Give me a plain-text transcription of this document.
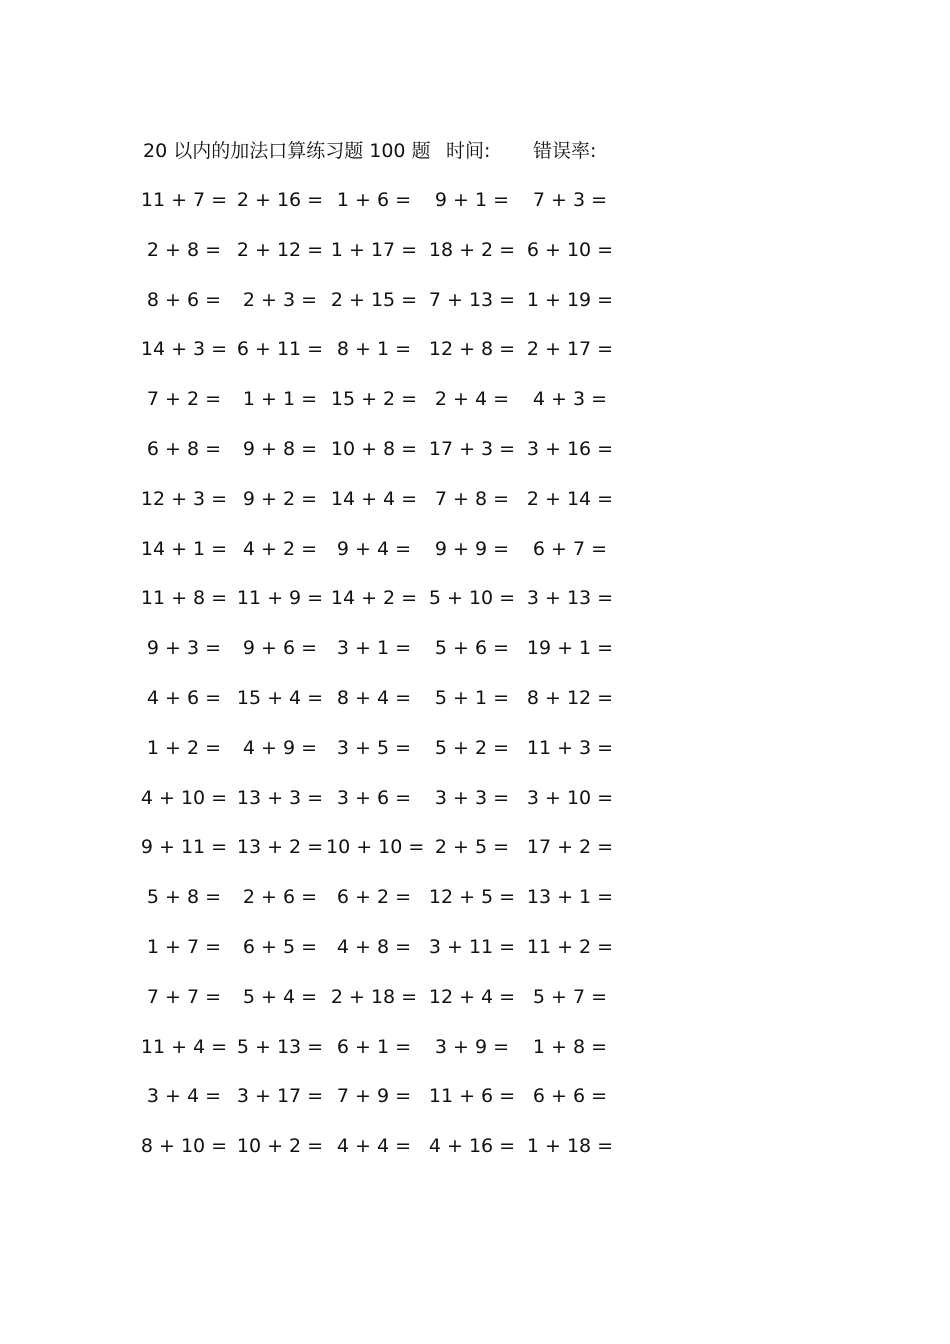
20 以内的加法口算练习题 100 题 时间: 错误率:
11 + 7 = 2 + 16 = 1 + 6 =	9 + 1 =	7 + 3 =
2 + 8 = 2 + 12 = 1 + 17 = 18 + 2 = 6 + 10 =
8 + 6 =	2 + 3 = 2 + 15 = 7 + 13 = 1 + 19 =
14 + 3 = 6 + 11 = 8 + 1 = 12 + 8 = 2 + 17 =
7 + 2 =	1 + 1 = 15 + 2 = 2 + 4 =	4 + 3 =
6 + 8 =	9 + 8 = 10 + 8 = 17 + 3 = 3 + 16 =
12 + 3 = 9 + 2 = 14 + 4 = 7 + 8 = 2 + 14 =
14 + 1 = 4 + 2 =	9 + 4 =	9 + 9 =	6 + 7 =
11 + 8 = 11 + 9 = 14 + 2 = 5 + 10 = 3 + 13 =
9 + 3 =	9 + 6 =	3 + 1 =	5 + 6 = 19 + 1 =
4 + 6 = 15 + 4 = 8 + 4 =	5 + 1 = 8 + 12 =
1 + 2 =	4 + 9 =	3 + 5 =	5 + 2 = 11 + 3 =
4 + 10 = 13 + 3 = 3 + 6 =	3 + 3 = 3 + 10 =
9 + 11 = 13 + 2 = 10 + 10 = 2 + 5 = 17 + 2 =
5 + 8 =	2 + 6 =	6 + 2 = 12 + 5 = 13 + 1 =
1 + 7 =	6 + 5 =	4 + 8 = 3 + 11 = 11 + 2 =
7 + 7 =	5 + 4 = 2 + 18 = 12 + 4 = 5 + 7 =
11 + 4 = 5 + 13 = 6 + 1 =	3 + 9 =	1 + 8 =
3 + 4 = 3 + 17 = 7 + 9 = 11 + 6 = 6 + 6 =
8 + 10 = 10 + 2 = 4 + 4 = 4 + 16 = 1 + 18 =
